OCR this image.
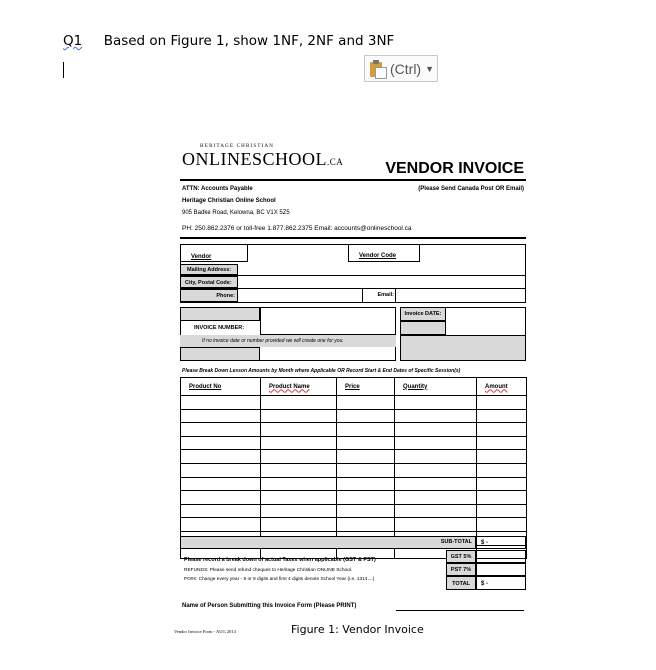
Q1 Based on Figure 1, show 1NF, 2NF and 3NF
(Ctrl) ▼
HERITAGE CHRISTIAN
ONLINESCHOOL.CA	VENDOR INVOICE
ATTN: Accounts Payable	(Please Send Canada Post OR Email)
Heritage Christian Online School
905 Badke Road, Kelowna, BC V1X 5Z5
PH: 250.862.2376 or toll-free 1.877.862.2375 Email: accounts@onlineschool.ca
Vendor	Vendor Code
Mailing Address:
City, Postal Code:
Phone:	Email:
INVOICE NUMBER:
If no invoice date or number provided we will create one for you.
Invoice DATE:
Please Break Down Lesson Amounts by Month where Applicable OR Record Start & End Dates of Specific Session(s)
Product No	Product Name	Price	Quantity	Amount

SUB-TOTAL	$ -
GST 5%
PST 7%
TOTAL	$ -
Please record a break down of actual Taxes when applicable (GST & PST)
REFUNDS: Please send refund cheques to Heritage Christian ONLINE School.
PO#s: Change every year - 8 or 9 digits and first 4 digits denote School Year (i.e. 1314....)
Name of Person Submitting this Invoice Form (Please PRINT)
Vendor Invoice Form - AUG 2014	Figure 1: Vendor Invoice
